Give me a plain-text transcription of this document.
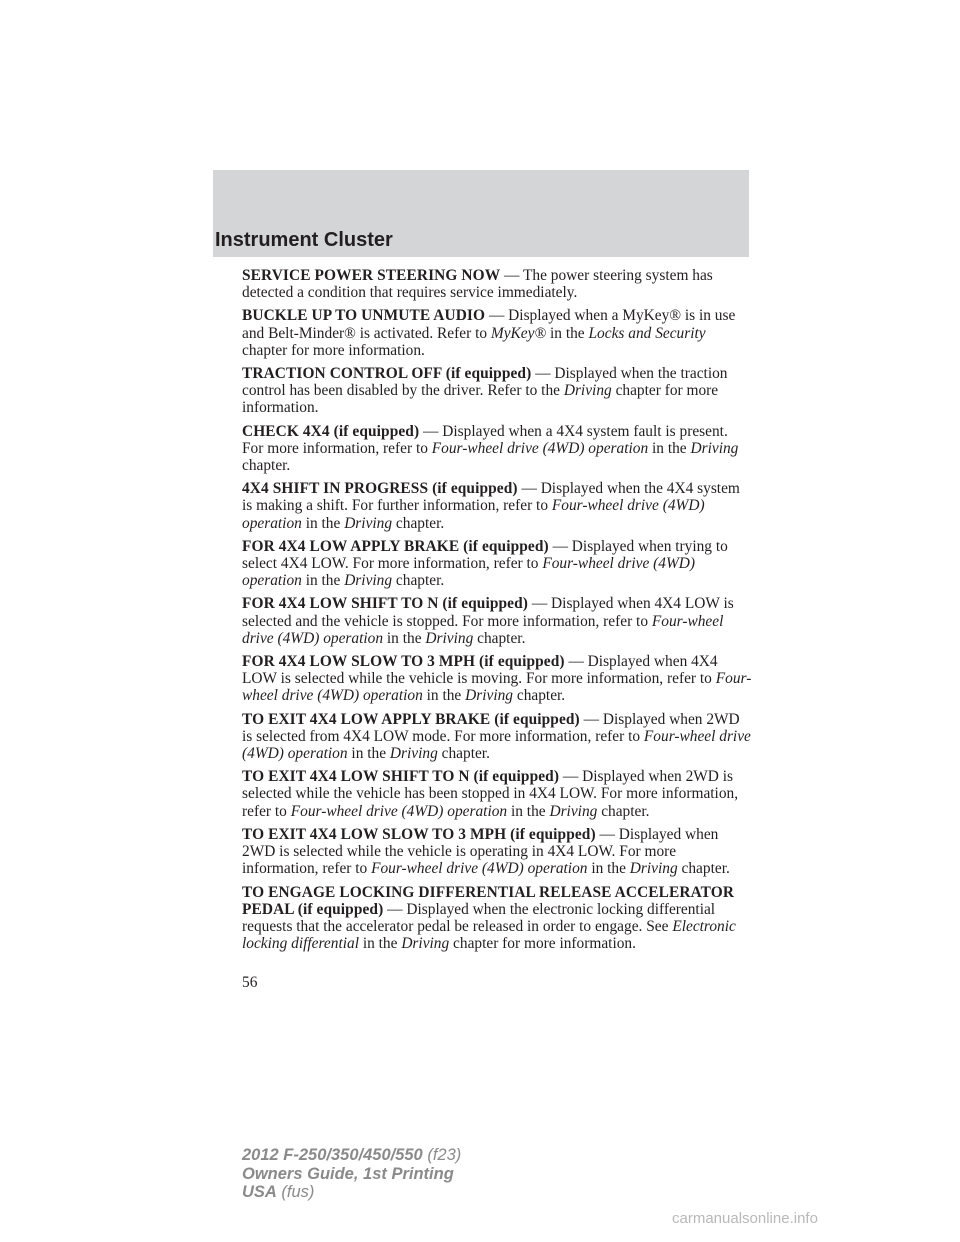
Instrument Cluster

SERVICE POWER STEERING NOW — The power steering system has detected a condition that requires service immediately.

BUCKLE UP TO UNMUTE AUDIO — Displayed when a MyKey® is in use and Belt-Minder® is activated. Refer to MyKey® in the Locks and Security chapter for more information.

TRACTION CONTROL OFF (if equipped) — Displayed when the traction control has been disabled by the driver. Refer to the Driving chapter for more information.

CHECK 4X4 (if equipped) — Displayed when a 4X4 system fault is present. For more information, refer to Four-wheel drive (4WD) operation in the Driving chapter.

4X4 SHIFT IN PROGRESS (if equipped) — Displayed when the 4X4 system is making a shift. For further information, refer to Four-wheel drive (4WD) operation in the Driving chapter.

FOR 4X4 LOW APPLY BRAKE (if equipped) — Displayed when trying to select 4X4 LOW. For more information, refer to Four-wheel drive (4WD) operation in the Driving chapter.

FOR 4X4 LOW SHIFT TO N (if equipped) — Displayed when 4X4 LOW is selected and the vehicle is stopped. For more information, refer to Four-wheel drive (4WD) operation in the Driving chapter.

FOR 4X4 LOW SLOW TO 3 MPH (if equipped) — Displayed when 4X4 LOW is selected while the vehicle is moving. For more information, refer to Four-wheel drive (4WD) operation in the Driving chapter.

TO EXIT 4X4 LOW APPLY BRAKE (if equipped) — Displayed when 2WD is selected from 4X4 LOW mode. For more information, refer to Four-wheel drive (4WD) operation in the Driving chapter.

TO EXIT 4X4 LOW SHIFT TO N (if equipped) — Displayed when 2WD is selected while the vehicle has been stopped in 4X4 LOW. For more information, refer to Four-wheel drive (4WD) operation in the Driving chapter.

TO EXIT 4X4 LOW SLOW TO 3 MPH (if equipped) — Displayed when 2WD is selected while the vehicle is operating in 4X4 LOW. For more information, refer to Four-wheel drive (4WD) operation in the Driving chapter.

TO ENGAGE LOCKING DIFFERENTIAL RELEASE ACCELERATOR PEDAL (if equipped) — Displayed when the electronic locking differential requests that the accelerator pedal be released in order to engage. See Electronic locking differential in the Driving chapter for more information.

56
2012 F-250/350/450/550 (f23)
Owners Guide, 1st Printing
USA (fus)
carmanualsonline.info
